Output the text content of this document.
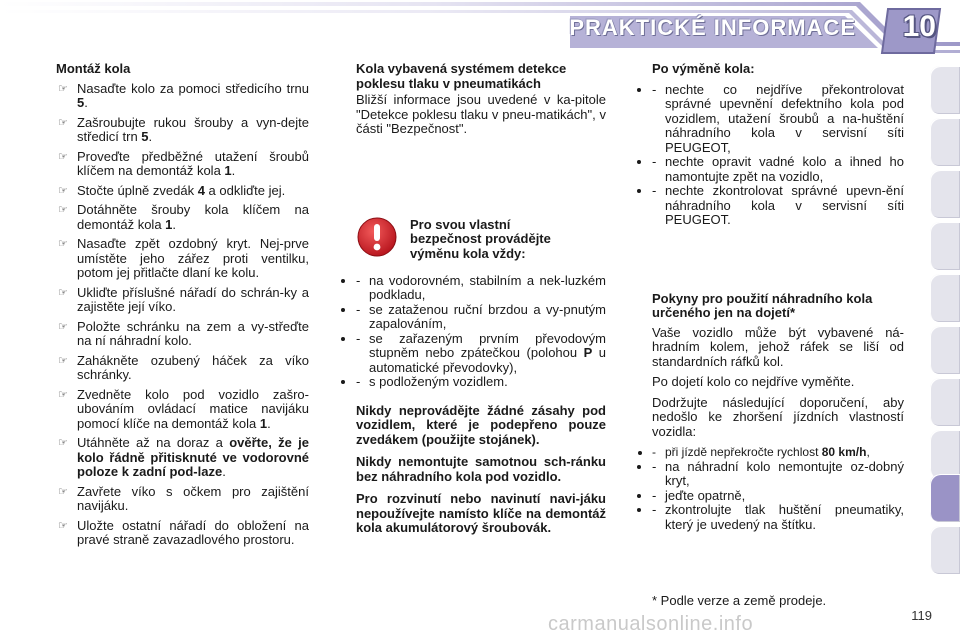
PRAKTICKÉ INFORMACE 10
Montáž kola
☞ Nasaďte kolo za pomoci středicího trnu 5.
☞ Zašroubujte rukou šrouby a vyn-dejte středicí trn 5.
☞ Proveďte předběžné utažení šroubů klíčem na demontáž kola 1.
☞ Stočte úplně zvedák 4 a odkliďte jej.
☞ Dotáhněte šrouby kola klíčem na demontáž kola 1.
☞ Nasaďte zpět ozdobný kryt. Nej-prve umístěte jeho zářez proti ventilku, potom jej přitlačte dlaní ke kolu.
☞ Ukliďte příslušné nářadí do schrán-ky a zajistěte její víko.
☞ Položte schránku na zem a vy-střeďte na ní náhradní kolo.
☞ Zahákněte ozubený háček za víko schránky.
☞ Zvedněte kolo pod vozidlo zašro-ubováním ovládací matice navijáku pomocí klíče na demontáž kola 1.
☞ Utáhněte až na doraz a ověřte, že je kolo řádně přitisknuté ve vodorovné poloze k zadní pod-laze.
☞ Zavřete víko s očkem pro zajištění navijáku.
☞ Uložte ostatní nářadí do obložení na pravé straně zavazadlového prostoru.
Kola vybavená systémem detekce poklesu tlaku v pneumatikách
Bližší informace jsou uvedené v ka-pitole "Detekce poklesu tlaku v pneu-matikách", v části "Bezpečnost".
Pro svou vlastní bezpečnost provádějte výměnu kola vždy:
• - na vodorovném, stabilním a nek-luzkém podkladu,
• - se zataženou ruční brzdou a vy-pnutým zapalováním,
• - se zařazeným prvním převodovým stupněm nebo zpátečkou (polohou P u automatické převodovky),
• - s podloženým vozidlem.
Nikdy neprovádějte žádné zásahy pod vozidlem, které je podepřeno pouze zvedákem (použijte stojánek).
Nikdy nemontujte samotnou sch-ránku bez náhradního kola pod vozidlo.
Pro rozvinutí nebo navinutí navi-jáku nepoužívejte namísto klíče na demontáž kola akumulátorový šroubovák.
Po výměně kola:
• - nechte co nejdříve překontrolovat správné upevnění defektního kola pod vozidlem, utažení šroubů a na-huštění náhradního kola v servisní síti PEUGEOT,
• - nechte opravit vadné kolo a ihned ho namontujte zpět na vozidlo,
• - nechte zkontrolovat správné upevn-ění náhradního kola v servisní síti PEUGEOT.
Pokyny pro použití náhradního kola určeného jen na dojetí*
Vaše vozidlo může být vybavené ná-hradním kolem, jehož ráfek se liší od standardních ráfků kol.
Po dojetí kolo co nejdříve vyměňte.
Dodržujte následující doporučení, aby nedošlo ke zhoršení jízdních vlastností vozidla:
• - při jízdě nepřekročte rychlost 80 km/h,
• - na náhradní kolo nemontujte oz-dobný kryt,
• - jeďte opatrně,
• - zkontrolujte tlak huštění pneumatiky, který je uvedený na štítku.
* Podle verze a země prodeje.
carmanualsonline.info	119
